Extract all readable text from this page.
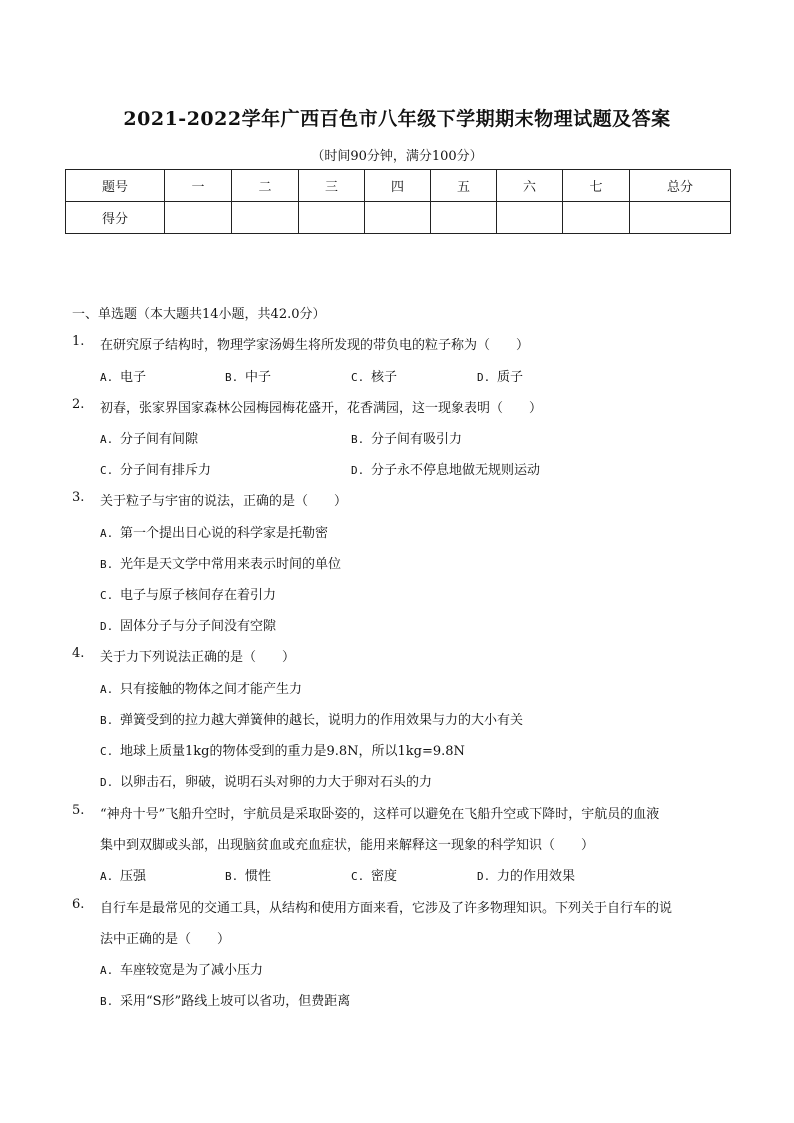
2021-2022学年广西百色市八年级下学期期末物理试题及答案
（时间90分钟，满分100分）
题号	一	二	三	四	五	六	七	总分
得分								
一、单选题（本大题共14小题，共42.0分）
1. 在研究原子结构时，物理学家汤姆生将所发现的带负电的粒子称为（　　）
A. 电子	B. 中子	C. 核子	D. 质子
2. 初春，张家界国家森林公园梅园梅花盛开，花香满园，这一现象表明（　　）
A. 分子间有间隙	B. 分子间有吸引力
C. 分子间有排斥力	D. 分子永不停息地做无规则运动
3. 关于粒子与宇宙的说法，正确的是（　　）
A. 第一个提出日心说的科学家是托勒密
B. 光年是天文学中常用来表示时间的单位
C. 电子与原子核间存在着引力
D. 固体分子与分子间没有空隙
4. 关于力下列说法正确的是（　　）
A. 只有接触的物体之间才能产生力
B. 弹簧受到的拉力越大弹簧伸的越长，说明力的作用效果与力的大小有关
C. 地球上质量1kg的物体受到的重力是9.8N，所以1kg=9.8N
D. 以卵击石，卵破，说明石头对卵的力大于卵对石头的力
5. “神舟十号”飞船升空时，宇航员是采取卧姿的，这样可以避免在飞船升空或下降时，宇航员的血液
集中到双脚或头部，出现脑贫血或充血症状，能用来解释这一现象的科学知识（　　）
A. 压强	B. 惯性	C. 密度	D. 力的作用效果
6. 自行车是最常见的交通工具，从结构和使用方面来看，它涉及了许多物理知识。下列关于自行车的说
法中正确的是（　　）
A. 车座较宽是为了减小压力
B. 采用“S形”路线上坡可以省功，但费距离
